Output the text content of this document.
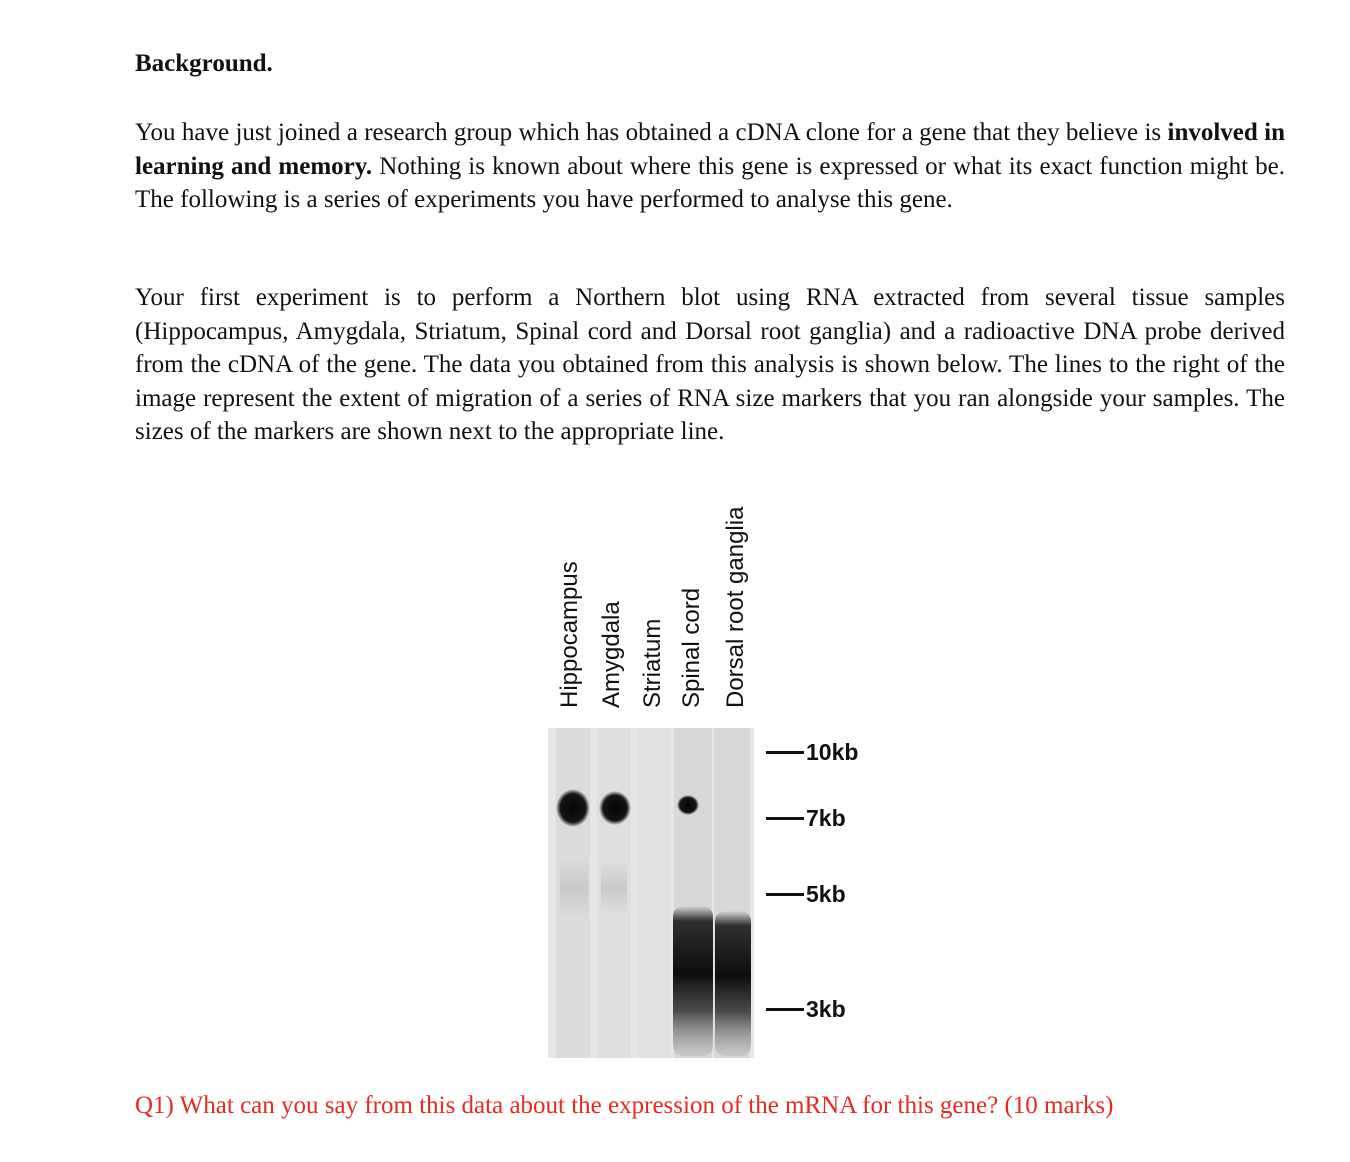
Background.

You have just joined a research group which has obtained a cDNA clone for a gene that they believe is involved in learning and memory. Nothing is known about where this gene is expressed or what its exact function might be. The following is a series of experiments you have performed to analyse this gene.

Your first experiment is to perform a Northern blot using RNA extracted from several tissue samples (Hippocampus, Amygdala, Striatum, Spinal cord and Dorsal root ganglia) and a radioactive DNA probe derived from the cDNA of the gene. The data you obtained from this analysis is shown below. The lines to the right of the image represent the extent of migration of a series of RNA size markers that you ran alongside your samples. The sizes of the markers are shown next to the appropriate line.

Hippocampus Amygdala Striatum Spinal cord Dorsal root ganglia
10kb
7kb
5kb
3kb

Q1) What can you say from this data about the expression of the mRNA for this gene? (10 marks)
